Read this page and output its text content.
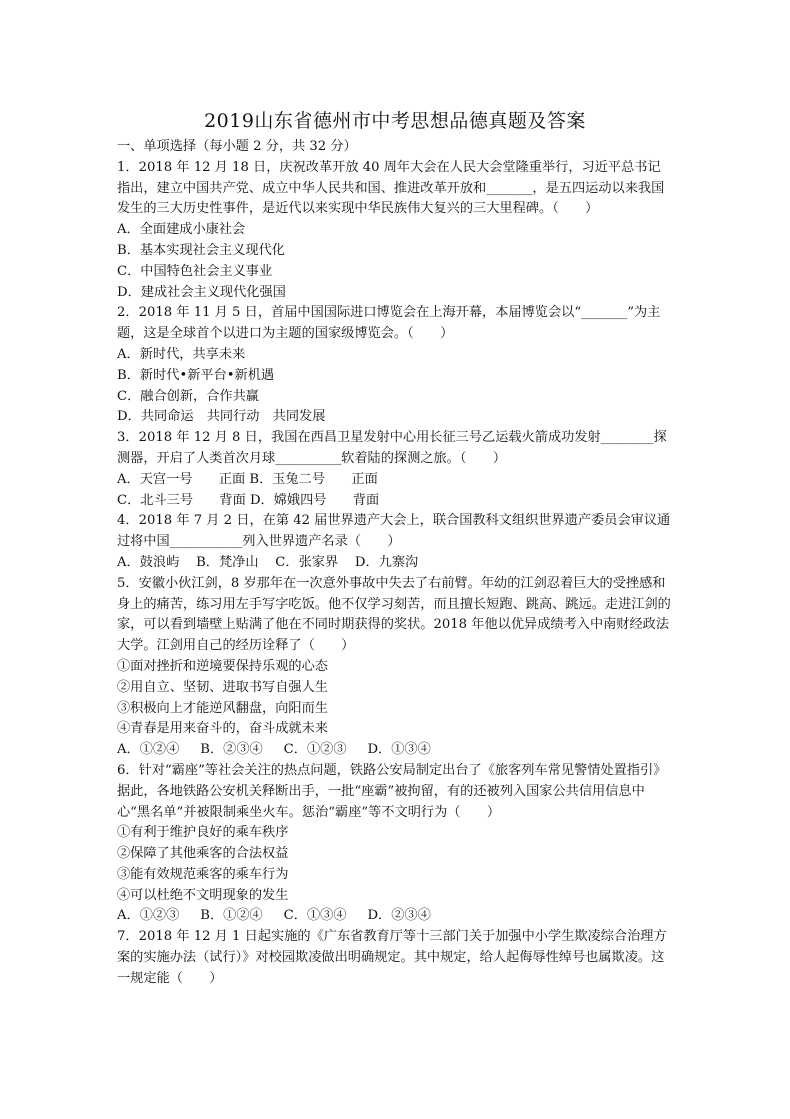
2019山东省德州市中考思想品德真题及答案
一、单项选择（每小题 2 分，共 32 分）
1．2018 年 12 月 18 日，庆祝改革开放 40 周年大会在人民大会堂隆重举行，习近平总书记指出，建立中国共产党、成立中华人民共和国、推进改革开放和_______，是五四运动以来我国发生的三大历史性事件，是近代以来实现中华民族伟大复兴的三大里程碑。（　　）
A．全面建成小康社会
B．基本实现社会主义现代化
C．中国特色社会主义事业
D．建成社会主义现代化强国
2．2018 年 11 月 5 日，首届中国国际进口博览会在上海开幕，本届博览会以“_______”为主题，这是全球首个以进口为主题的国家级博览会。（　　）
A．新时代，共享未来
B．新时代•新平台•新机遇
C．融合创新，合作共赢
D．共同命运　共同行动　共同发展
3．2018 年 12 月 8 日，我国在西昌卫星发射中心用长征三号乙运载火箭成功发射________探测器，开启了人类首次月球__________软着陆的探测之旅。（　　）
A．天宫一号　　正面 B．玉兔二号　　正面
C．北斗三号　　背面 D．嫦娥四号　　背面
4．2018 年 7 月 2 日，在第 42 届世界遗产大会上，联合国教科文组织世界遗产委员会审议通过将中国___________列入世界遗产名录（　　）
A．鼓浪屿 B．梵净山 C．张家界 D．九寨沟
5．安徽小伙江剑，8 岁那年在一次意外事故中失去了右前臂。年幼的江剑忍着巨大的受挫感和身上的痛苦，练习用左手写字吃饭。他不仅学习刻苦，而且擅长短跑、跳高、跳远。走进江剑的家，可以看到墙壁上贴满了他在不同时期获得的奖状。2018 年他以优异成绩考入中南财经政法大学。江剑用自己的经历诠释了（　　）
①面对挫折和逆境要保持乐观的心态
②用自立、坚韧、进取书写自强人生
③积极向上才能逆风翻盘，向阳而生
④青春是用来奋斗的，奋斗成就未来
A．①②④ B．②③④ C．①②③ D．①③④
6．针对“霸座”等社会关注的热点问题，铁路公安局制定出台了《旅客列车常见警情处置指引》据此，各地铁路公安机关释断出手，一批“座霸”被拘留，有的还被列入国家公共信用信息中心“黑名单”并被限制乘坐火车。惩治“霸座”等不文明行为（　　）
①有利于维护良好的乘车秩序
②保障了其他乘客的合法权益
③能有效规范乘客的乘车行为
④可以杜绝不文明现象的发生
A．①②③ B．①②④ C．①③④ D．②③④
7．2018 年 12 月 1 日起实施的《广东省教育厅等十三部门关于加强中小学生欺凌综合治理方案的实施办法（试行）》对校园欺凌做出明确规定。其中规定，给人起侮辱性绰号也属欺凌。这一规定能（　　）
